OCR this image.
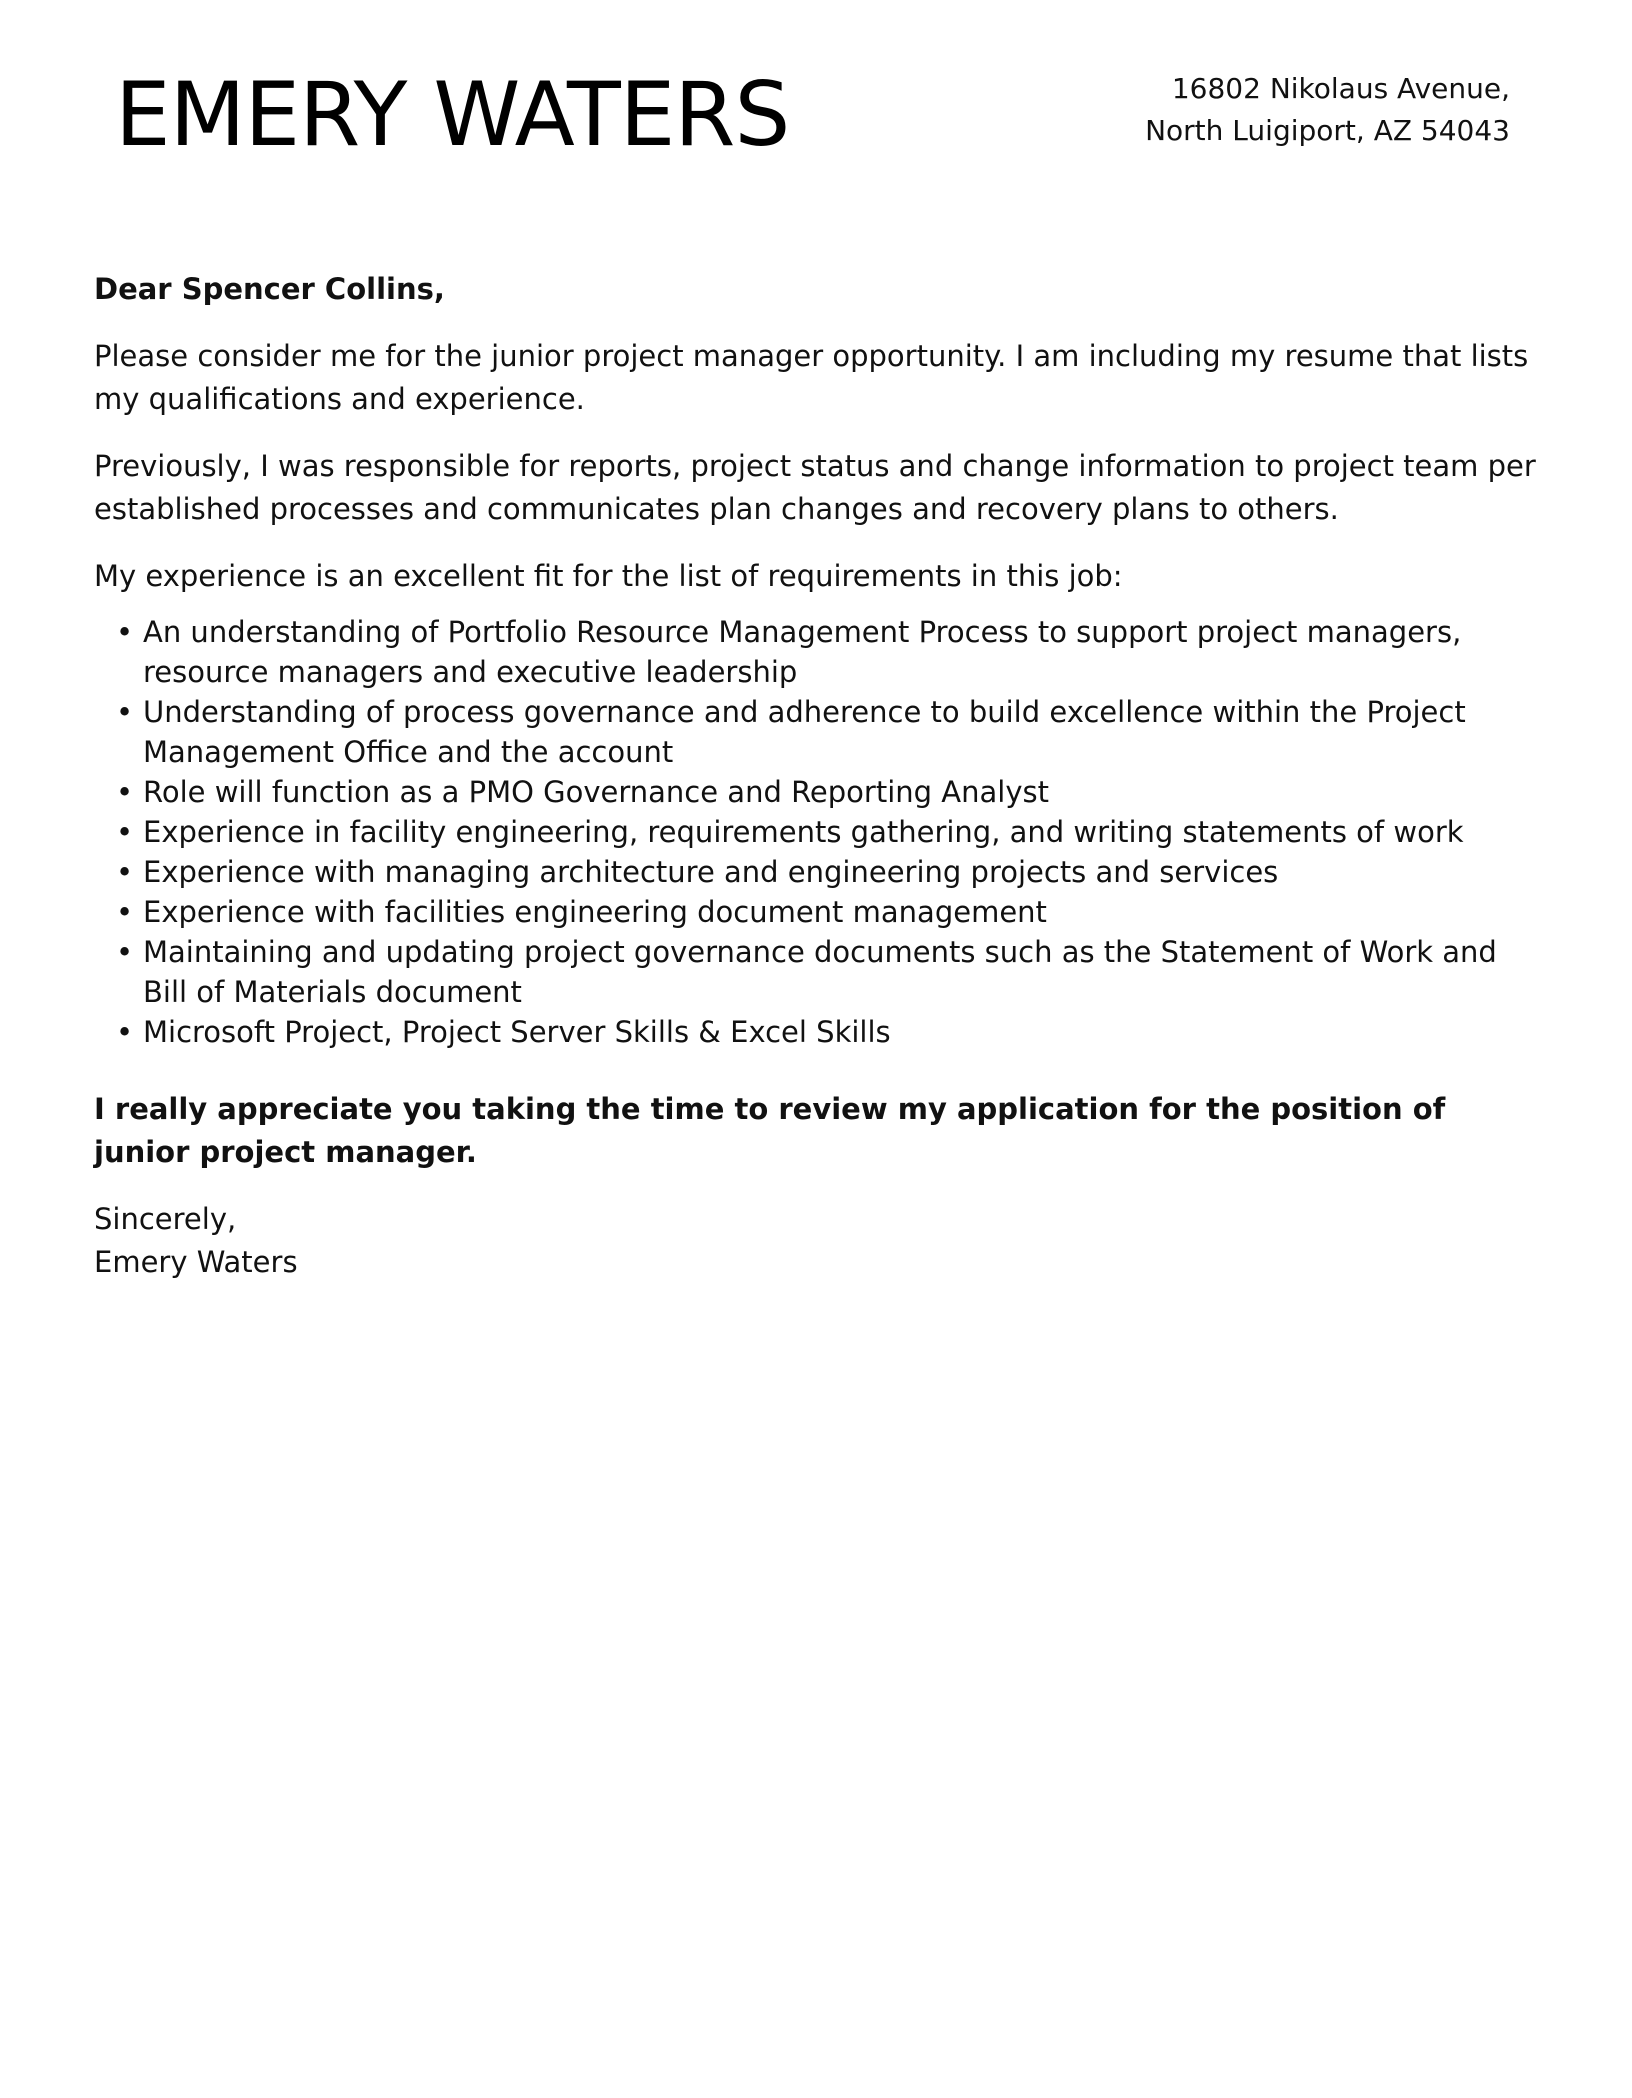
EMERY WATERS	16802 Nikolaus Avenue,
North Luigiport, AZ 54043

Dear Spencer Collins,

Please consider me for the junior project manager opportunity. I am including my resume that lists my qualifications and experience.

Previously, I was responsible for reports, project status and change information to project team per established processes and communicates plan changes and recovery plans to others.

My experience is an excellent fit for the list of requirements in this job:

• An understanding of Portfolio Resource Management Process to support project managers, resource managers and executive leadership
• Understanding of process governance and adherence to build excellence within the Project Management Office and the account
• Role will function as a PMO Governance and Reporting Analyst
• Experience in facility engineering, requirements gathering, and writing statements of work
• Experience with managing architecture and engineering projects and services
• Experience with facilities engineering document management
• Maintaining and updating project governance documents such as the Statement of Work and Bill of Materials document
• Microsoft Project, Project Server Skills & Excel Skills

I really appreciate you taking the time to review my application for the position of junior project manager.

Sincerely,
Emery Waters
